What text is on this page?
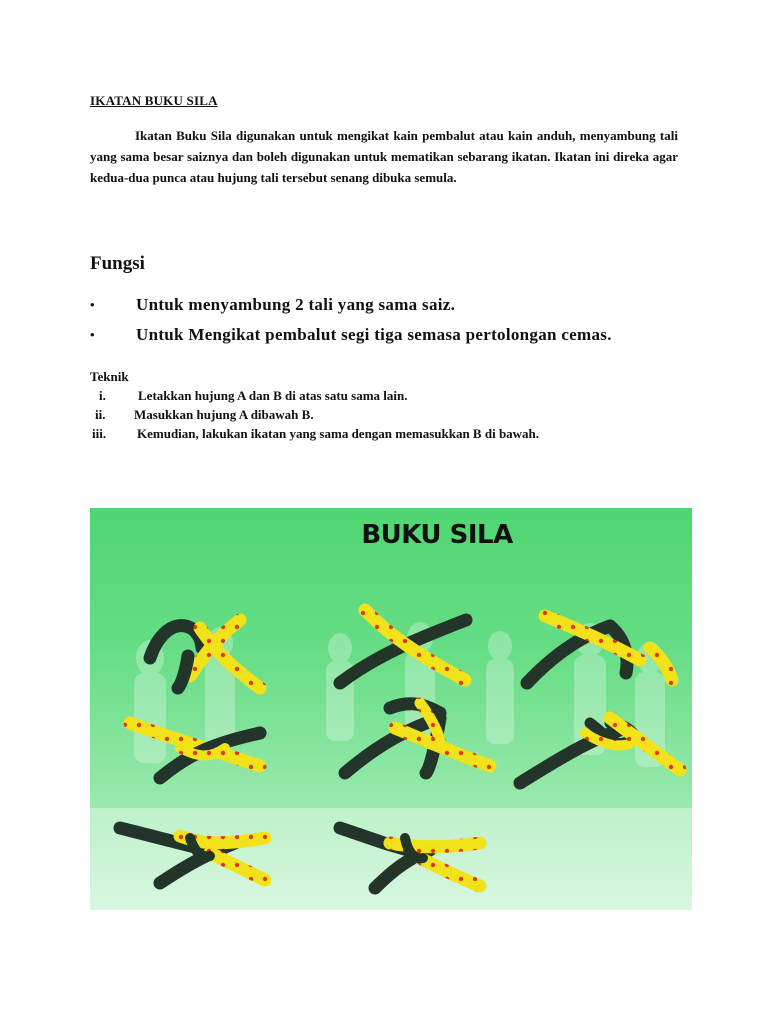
IKATAN BUKU SILA

Ikatan Buku Sila digunakan untuk mengikat kain pembalut atau kain anduh, menyambung tali yang sama besar saiznya dan boleh digunakan untuk mematikan sebarang ikatan. Ikatan ini direka agar kedua-dua punca atau hujung tali tersebut senang dibuka semula.

Fungsi
• Untuk menyambung 2 tali yang sama saiz.
• Untuk Mengikat pembalut segi tiga semasa pertolongan cemas.
Teknik
i. Letakkan hujung A dan B di atas satu sama lain.
ii. Masukkan hujung A dibawah B.
iii. Kemudian, lakukan ikatan yang sama dengan memasukkan B di bawah.
BUKU SILA
